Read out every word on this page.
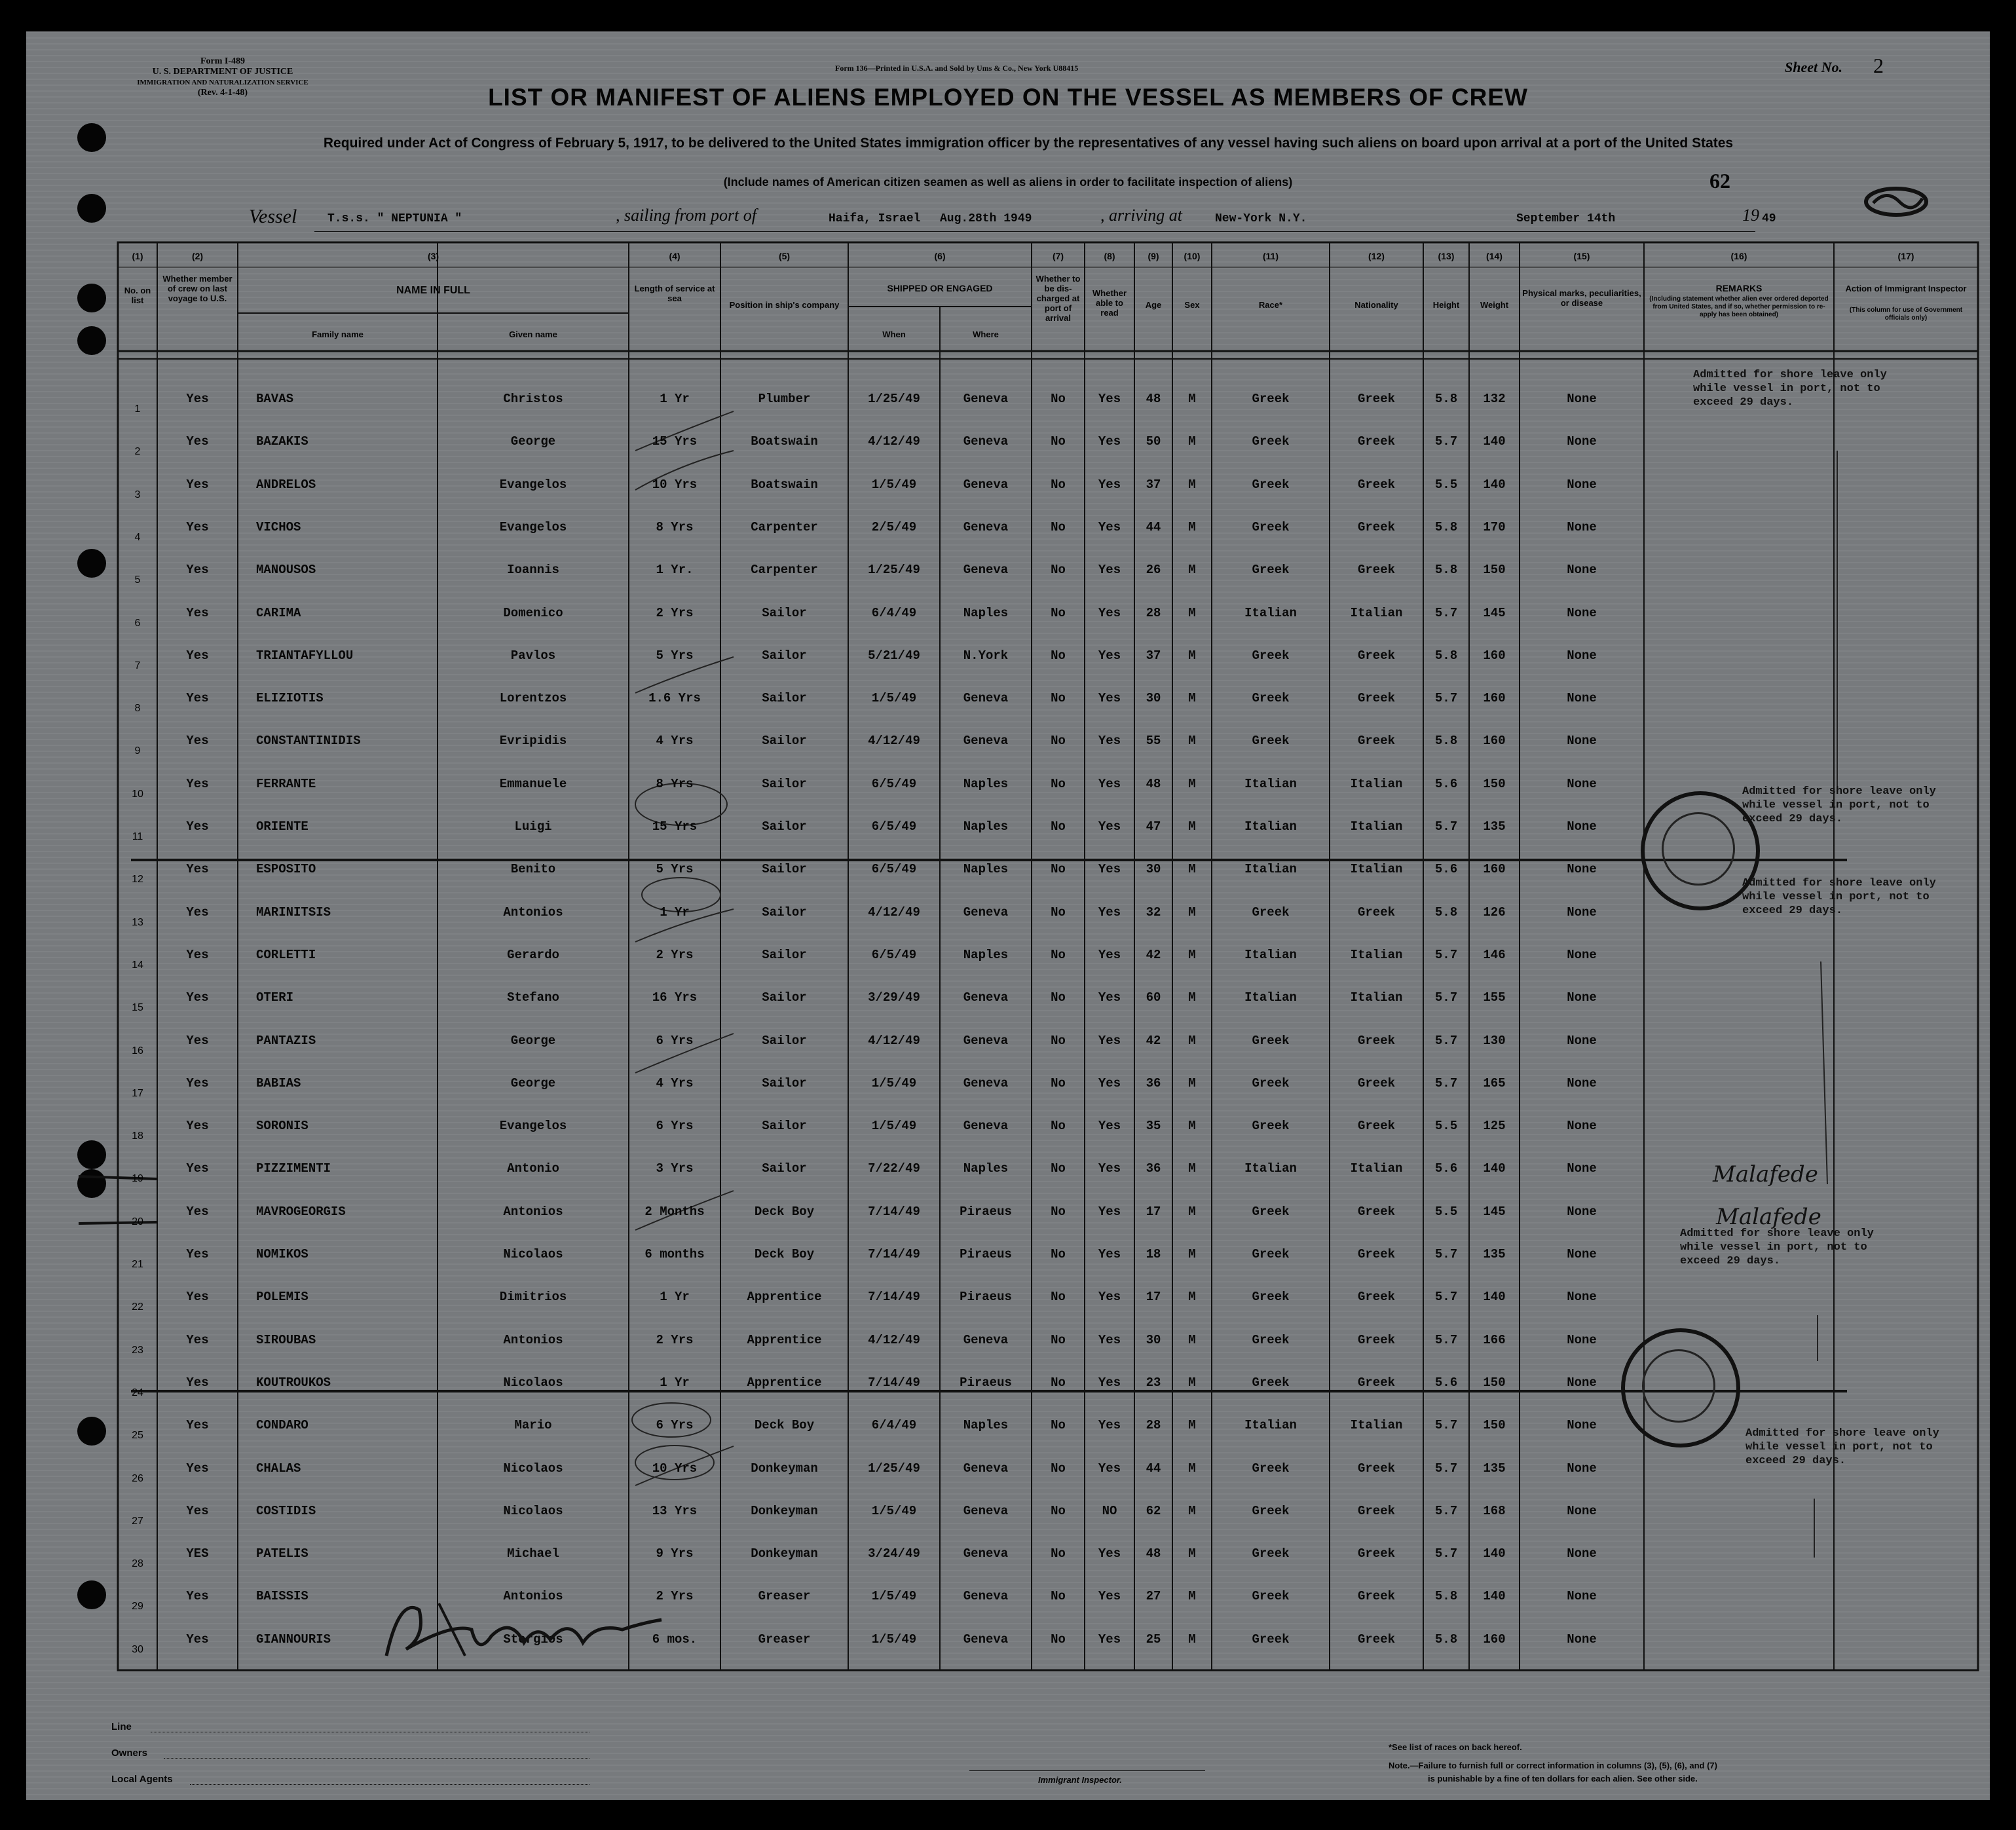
Form I-489
U. S. DEPARTMENT OF JUSTICE
IMMIGRATION AND NATURALIZATION SERVICE
(Rev. 4-1-48)
Form 136—Printed in U.S.A. and Sold by Ums & Co., New York U88415	Sheet No. 2
LIST OR MANIFEST OF ALIENS EMPLOYED ON THE VESSEL AS MEMBERS OF CREW
Required under Act of Congress of February 5, 1917, to be delivered to the United States immigration officer by the representatives of any vessel having such aliens on board upon arrival at a port of the United States
(Include names of American citizen seamen as well as aliens in order to facilitate inspection of aliens)	62
Vessel	T.s.s. " NEPTUNIA "	, sailing from port of	Haifa, Israel Aug.28th 1949	, arriving at	New-York N.Y.	September 14th	19 49
(1)	(2)	(3)	(4)	(5)	(6)	(7)	(8)	(9)	(10)	(11)	(12)	(13)	(14)	(15)	(16)	(17)
No. on list
Whether member of crew on last voyage to U.S.
NAME IN FULL
Family name	Given name
Length of service at sea
Position in ship's company
SHIPPED OR ENGAGED
When	Where
Whether to be dis-charged at port of arrival
Whether able to read
Age	Sex	Race*	Nationality	Height	Weight
Physical marks, peculiarities, or disease
REMARKS
(Including statement whether alien ever ordered deported from United States, and if so, whether permission to re-apply has been obtained)
Action of Immigrant Inspector
(This column for use of Government officials only)
1
Yes	BAVAS	Christos	1 Yr	Plumber	1/25/49	Geneva	No	Yes	48	M	Greek	Greek	5.8	132	None
2
Yes	BAZAKIS	George	15 Yrs	Boatswain	4/12/49	Geneva	No	Yes	50	M	Greek	Greek	5.7	140	None
3
Yes	ANDRELOS	Evangelos	10 Yrs	Boatswain	1/5/49	Geneva	No	Yes	37	M	Greek	Greek	5.5	140	None
4
Yes	VICHOS	Evangelos	8 Yrs	Carpenter	2/5/49	Geneva	No	Yes	44	M	Greek	Greek	5.8	170	None
5
Yes	MANOUSOS	Ioannis	1 Yr.	Carpenter	1/25/49	Geneva	No	Yes	26	M	Greek	Greek	5.8	150	None
6
Yes	CARIMA	Domenico	2 Yrs	Sailor	6/4/49	Naples	No	Yes	28	M	Italian	Italian	5.7	145	None
7
Yes	TRIANTAFYLLOU	Pavlos	5 Yrs	Sailor	5/21/49	N.York	No	Yes	37	M	Greek	Greek	5.8	160	None
8
Yes	ELIZIOTIS	Lorentzos	1.6 Yrs	Sailor	1/5/49	Geneva	No	Yes	30	M	Greek	Greek	5.7	160	None
9
Yes	CONSTANTINIDIS	Evripidis	4 Yrs	Sailor	4/12/49	Geneva	No	Yes	55	M	Greek	Greek	5.8	160	None
10
Yes	FERRANTE	Emmanuele	8 Yrs	Sailor	6/5/49	Naples	No	Yes	48	M	Italian	Italian	5.6	150	None
11
Yes	ORIENTE	Luigi	15 Yrs	Sailor	6/5/49	Naples	No	Yes	47	M	Italian	Italian	5.7	135	None
12
Yes	ESPOSITO	Benito	5 Yrs	Sailor	6/5/49	Naples	No	Yes	30	M	Italian	Italian	5.6	160	None
13
Yes	MARINITSIS	Antonios	1 Yr	Sailor	4/12/49	Geneva	No	Yes	32	M	Greek	Greek	5.8	126	None
14
Yes	CORLETTI	Gerardo	2 Yrs	Sailor	6/5/49	Naples	No	Yes	42	M	Italian	Italian	5.7	146	None
15
Yes	OTERI	Stefano	16 Yrs	Sailor	3/29/49	Geneva	No	Yes	60	M	Italian	Italian	5.7	155	None
16
Yes	PANTAZIS	George	6 Yrs	Sailor	4/12/49	Geneva	No	Yes	42	M	Greek	Greek	5.7	130	None
17
Yes	BABIAS	George	4 Yrs	Sailor	1/5/49	Geneva	No	Yes	36	M	Greek	Greek	5.7	165	None
18
Yes	SORONIS	Evangelos	6 Yrs	Sailor	1/5/49	Geneva	No	Yes	35	M	Greek	Greek	5.5	125	None
19
Yes	PIZZIMENTI	Antonio	3 Yrs	Sailor	7/22/49	Naples	No	Yes	36	M	Italian	Italian	5.6	140	None
20
Yes	MAVROGEORGIS	Antonios	2 Months	Deck Boy	7/14/49	Piraeus	No	Yes	17	M	Greek	Greek	5.5	145	None
21
Yes	NOMIKOS	Nicolaos	6 months	Deck Boy	7/14/49	Piraeus	No	Yes	18	M	Greek	Greek	5.7	135	None
22
Yes	POLEMIS	Dimitrios	1 Yr	Apprentice	7/14/49	Piraeus	No	Yes	17	M	Greek	Greek	5.7	140	None
23
Yes	SIROUBAS	Antonios	2 Yrs	Apprentice	4/12/49	Geneva	No	Yes	30	M	Greek	Greek	5.7	166	None
24
Yes	KOUTROUKOS	Nicolaos	1 Yr	Apprentice	7/14/49	Piraeus	No	Yes	23	M	Greek	Greek	5.6	150	None
25
Yes	CONDARO	Mario	6 Yrs	Deck Boy	6/4/49	Naples	No	Yes	28	M	Italian	Italian	5.7	150	None
26
Yes	CHALAS	Nicolaos	10 Yrs	Donkeyman	1/25/49	Geneva	No	Yes	44	M	Greek	Greek	5.7	135	None
27
Yes	COSTIDIS	Nicolaos	13 Yrs	Donkeyman	1/5/49	Geneva	No	NO	62	M	Greek	Greek	5.7	168	None
28
YES	PATELIS	Michael	9 Yrs	Donkeyman	3/24/49	Geneva	No	Yes	48	M	Greek	Greek	5.7	140	None
29
Yes	BAISSIS	Antonios	2 Yrs	Greaser	1/5/49	Geneva	No	Yes	27	M	Greek	Greek	5.8	140	None
30
Yes	GIANNOURIS	Stergios	6 mos.	Greaser	1/5/49	Geneva	No	Yes	25	M	Greek	Greek	5.8	160	None
Admitted for shore leave only
while vessel in port, not to
exceed 29 days.
Admitted for shore leave only
while vessel in port, not to
exceed 29 days.
Admitted for shore leave only
while vessel in port, not to
exceed 29 days.
Admitted for shore leave only
while vessel in port, not to
exceed 29 days.
Admitted for shore leave only
while vessel in port, not to
exceed 29 days.
Malafede
Malafede
Line
Owners
Local Agents	Immigrant Inspector.
*See list of races on back hereof.
Note.—Failure to furnish full or correct information in columns (3), (5), (6), and (7)
is punishable by a fine of ten dollars for each alien. See other side.
